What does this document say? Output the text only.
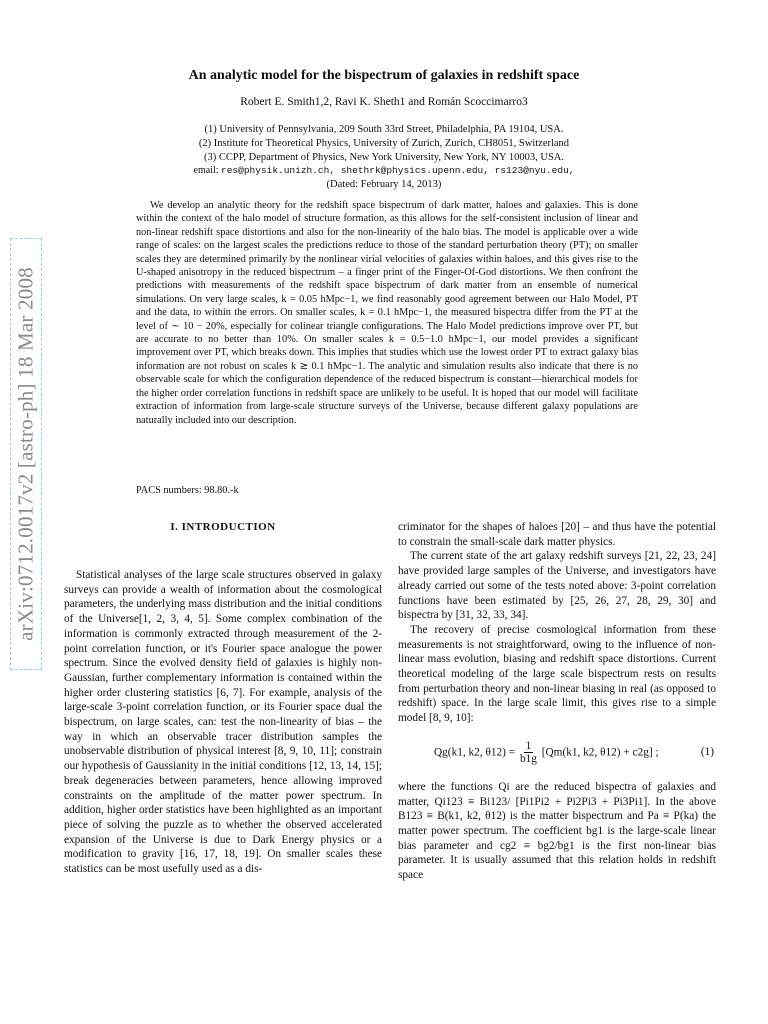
arXiv:0712.0017v2 [astro-ph] 18 Mar 2008
An analytic model for the bispectrum of galaxies in redshift space
Robert E. Smith1,2, Ravi K. Sheth1 and Román Scoccimarro3
(1) University of Pennsylvania, 209 South 33rd Street, Philadelphia, PA 19104, USA.
(2) Institute for Theoretical Physics, University of Zurich, Zurich, CH8051, Switzerland
(3) CCPP, Department of Physics, New York University, New York, NY 10003, USA.
email: res@physik.unizh.ch, shethrk@physics.upenn.edu, rs123@nyu.edu,
(Dated: February 14, 2013)
We develop an analytic theory for the redshift space bispectrum of dark matter, haloes and galaxies. This is done within the context of the halo model of structure formation, as this allows for the self-consistent inclusion of linear and non-linear redshift space distortions and also for the non-linearity of the halo bias. The model is applicable over a wide range of scales: on the largest scales the predictions reduce to those of the standard perturbation theory (PT); on smaller scales they are determined primarily by the nonlinear virial velocities of galaxies within haloes, and this gives rise to the U-shaped anisotropy in the reduced bispectrum – a finger print of the Finger-Of-God distortions. We then confront the predictions with measurements of the redshift space bispectrum of dark matter from an ensemble of numerical simulations. On very large scales, k = 0.05 hMpc−1, we find reasonably good agreement between our Halo Model, PT and the data, to within the errors. On smaller scales, k = 0.1 hMpc−1, the measured bispectra differ from the PT at the level of ∼ 10 − 20%, especially for colinear triangle configurations. The Halo Model predictions improve over PT, but are accurate to no better than 10%. On smaller scales k = 0.5−1.0 hMpc−1, our model provides a significant improvement over PT, which breaks down. This implies that studies which use the lowest order PT to extract galaxy bias information are not robust on scales k ≳ 0.1 hMpc−1. The analytic and simulation results also indicate that there is no observable scale for which the configuration dependence of the reduced bispectrum is constant—hierarchical models for the higher order correlation functions in redshift space are unlikely to be useful. It is hoped that our model will facilitate extraction of information from large-scale structure surveys of the Universe, because different galaxy populations are naturally included into our description.
PACS numbers: 98.80.-k
I. INTRODUCTION

Statistical analyses of the large scale structures observed in galaxy surveys can provide a wealth of information about the cosmological parameters, the underlying mass distribution and the initial conditions of the Universe[1, 2, 3, 4, 5]. Some complex combination of the information is commonly extracted through measurement of the 2-point correlation function, or it's Fourier space analogue the power spectrum. Since the evolved density field of galaxies is highly non-Gaussian, further complementary information is contained within the higher order clustering statistics [6, 7]. For example, analysis of the large-scale 3-point correlation function, or its Fourier space dual the bispectrum, on large scales, can: test the non-linearity of bias – the way in which an observable tracer distribution samples the unobservable distribution of physical interest [8, 9, 10, 11]; constrain our hypothesis of Gaussianity in the initial conditions [12, 13, 14, 15]; break degeneracies between parameters, hence allowing improved constraints on the amplitude of the matter power spectrum. In addition, higher order statistics have been highlighted as an important piece of solving the puzzle as to whether the observed accelerated expansion of the Universe is due to Dark Energy physics or a modification to gravity [16, 17, 18, 19]. On smaller scales these statistics can be most usefully used as a dis-

criminator for the shapes of haloes [20] – and thus have the potential to constrain the small-scale dark matter physics.

The current state of the art galaxy redshift surveys [21, 22, 23, 24] have provided large samples of the Universe, and investigators have already carried out some of the tests noted above: 3-point correlation functions have been estimated by [25, 26, 27, 28, 29, 30] and bispectra by [31, 32, 33, 34].

The recovery of precise cosmological information from these measurements is not straightforward, owing to the influence of non-linear mass evolution, biasing and redshift space distortions. Current theoretical modeling of the large scale bispectrum rests on results from perturbation theory and non-linear biasing in real (as opposed to redshift) space. In the large scale limit, this gives rise to a simple model [8, 9, 10]:

Qg(k1, k2, $\theta 12) = \frac{1}{b1g} [Qm(k1$, k2, θ12) + c2g] ;	(1)

where the functions Qi are the reduced bispectra of galaxies and matter, Qi123 ≡ Bi123/ [Pi1Pi2 + Pi2Pi3 + Pi3Pi1]. In the above B123 ≡ B(k1, k2, θ12) is the matter bispectrum and Pa ≡ P(ka) the matter power spectrum. The coefficient bg1 is the large-scale linear bias parameter and cg2 ≡ bg2/bg1 is the first non-linear bias parameter. It is usually assumed that this relation holds in redshift space
